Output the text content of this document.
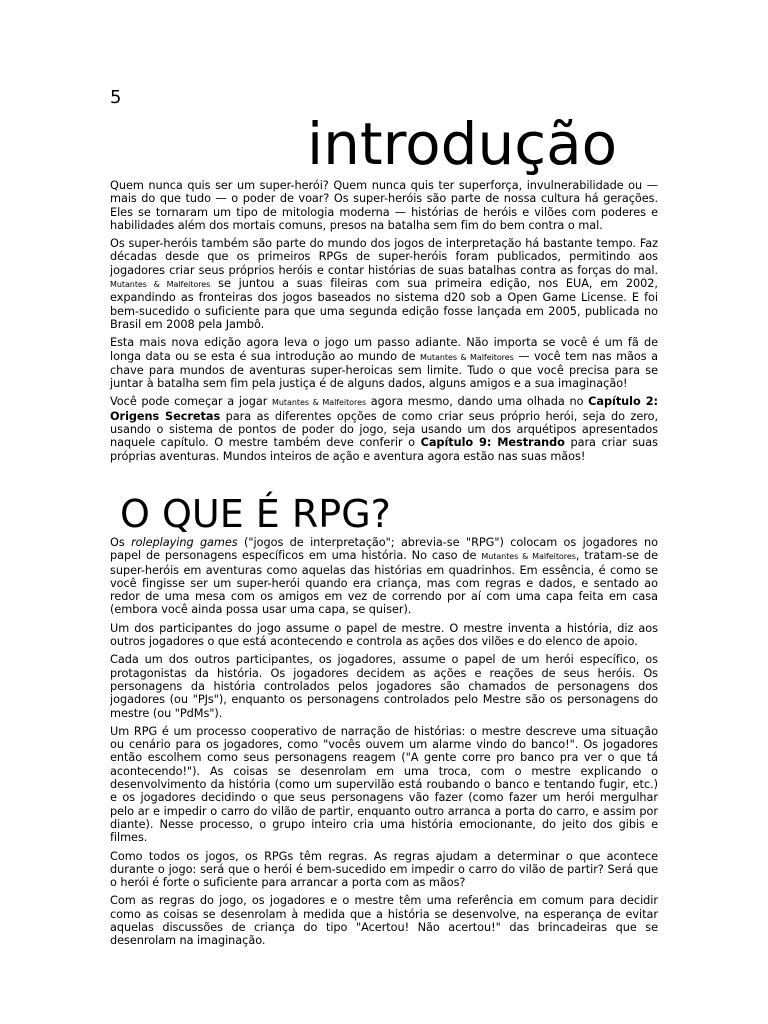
5
introdução

Quem nunca quis ser um super-herói? Quem nunca quis ter superforça, invulnerabilidade ou — mais do que tudo — o poder de voar? Os super-heróis são parte de nossa cultura há gerações. Eles se tornaram um tipo de mitologia moderna — histórias de heróis e vilões com poderes e habilidades além dos mortais comuns, presos na batalha sem fim do bem contra o mal.

Os super-heróis também são parte do mundo dos jogos de interpretação há bastante tempo. Faz décadas desde que os primeiros RPGs de super-heróis foram publicados, permitindo aos jogadores criar seus próprios heróis e contar histórias de suas batalhas contra as forças do mal. Mutantes & Malfeitores se juntou a suas fileiras com sua primeira edição, nos EUA, em 2002, expandindo as fronteiras dos jogos baseados no sistema d20 sob a Open Game License. E foi bem-sucedido o suficiente para que uma segunda edição fosse lançada em 2005, publicada no Brasil em 2008 pela Jambô.

Esta mais nova edição agora leva o jogo um passo adiante. Não importa se você é um fã de longa data ou se esta é sua introdução ao mundo de Mutantes & Malfeitores — você tem nas mãos a chave para mundos de aventuras super-heroicas sem limite. Tudo o que você precisa para se juntar à batalha sem fim pela justiça é de alguns dados, alguns amigos e a sua imaginação!

Você pode começar a jogar Mutantes & Malfeitores agora mesmo, dando uma olhada no Capítulo 2: Origens Secretas para as diferentes opções de como criar seus próprio herói, seja do zero, usando o sistema de pontos de poder do jogo, seja usando um dos arquétipos apresentados naquele capítulo. O mestre também deve conferir o Capítulo 9: Mestrando para criar suas próprias aventuras. Mundos inteiros de ação e aventura agora estão nas suas mãos!

O QUE É RPG?

Os roleplaying games ("jogos de interpretação"; abrevia-se "RPG") colocam os jogadores no papel de personagens específicos em uma história. No caso de Mutantes & Malfeitores, tratam-se de super-heróis em aventuras como aquelas das histórias em quadrinhos. Em essência, é como se você fingisse ser um super-herói quando era criança, mas com regras e dados, e sentado ao redor de uma mesa com os amigos em vez de correndo por aí com uma capa feita em casa (embora você ainda possa usar uma capa, se quiser).

Um dos participantes do jogo assume o papel de mestre. O mestre inventa a história, diz aos outros jogadores o que está acontecendo e controla as ações dos vilões e do elenco de apoio.

Cada um dos outros participantes, os jogadores, assume o papel de um herói específico, os protagonistas da história. Os jogadores decidem as ações e reações de seus heróis. Os personagens da história controlados pelos jogadores são chamados de personagens dos jogadores (ou "PJs"), enquanto os personagens controlados pelo Mestre são os personagens do mestre (ou "PdMs").

Um RPG é um processo cooperativo de narração de histórias: o mestre descreve uma situação ou cenário para os jogadores, como "vocês ouvem um alarme vindo do banco!". Os jogadores então escolhem como seus personagens reagem ("A gente corre pro banco pra ver o que tá acontecendo!"). As coisas se desenrolam em uma troca, com o mestre explicando o desenvolvimento da história (como um supervilão está roubando o banco e tentando fugir, etc.) e os jogadores decidindo o que seus personagens vão fazer (como fazer um herói mergulhar pelo ar e impedir o carro do vilão de partir, enquanto outro arranca a porta do carro, e assim por diante). Nesse processo, o grupo inteiro cria uma história emocionante, do jeito dos gibis e filmes.

Como todos os jogos, os RPGs têm regras. As regras ajudam a determinar o que acontece durante o jogo: será que o herói é bem-sucedido em impedir o carro do vilão de partir? Será que o herói é forte o suficiente para arrancar a porta com as mãos?

Com as regras do jogo, os jogadores e o mestre têm uma referência em comum para decidir como as coisas se desenrolam à medida que a história se desenvolve, na esperança de evitar aquelas discussões de criança do tipo "Acertou! Não acertou!" das brincadeiras que se desenrolam na imaginação.
